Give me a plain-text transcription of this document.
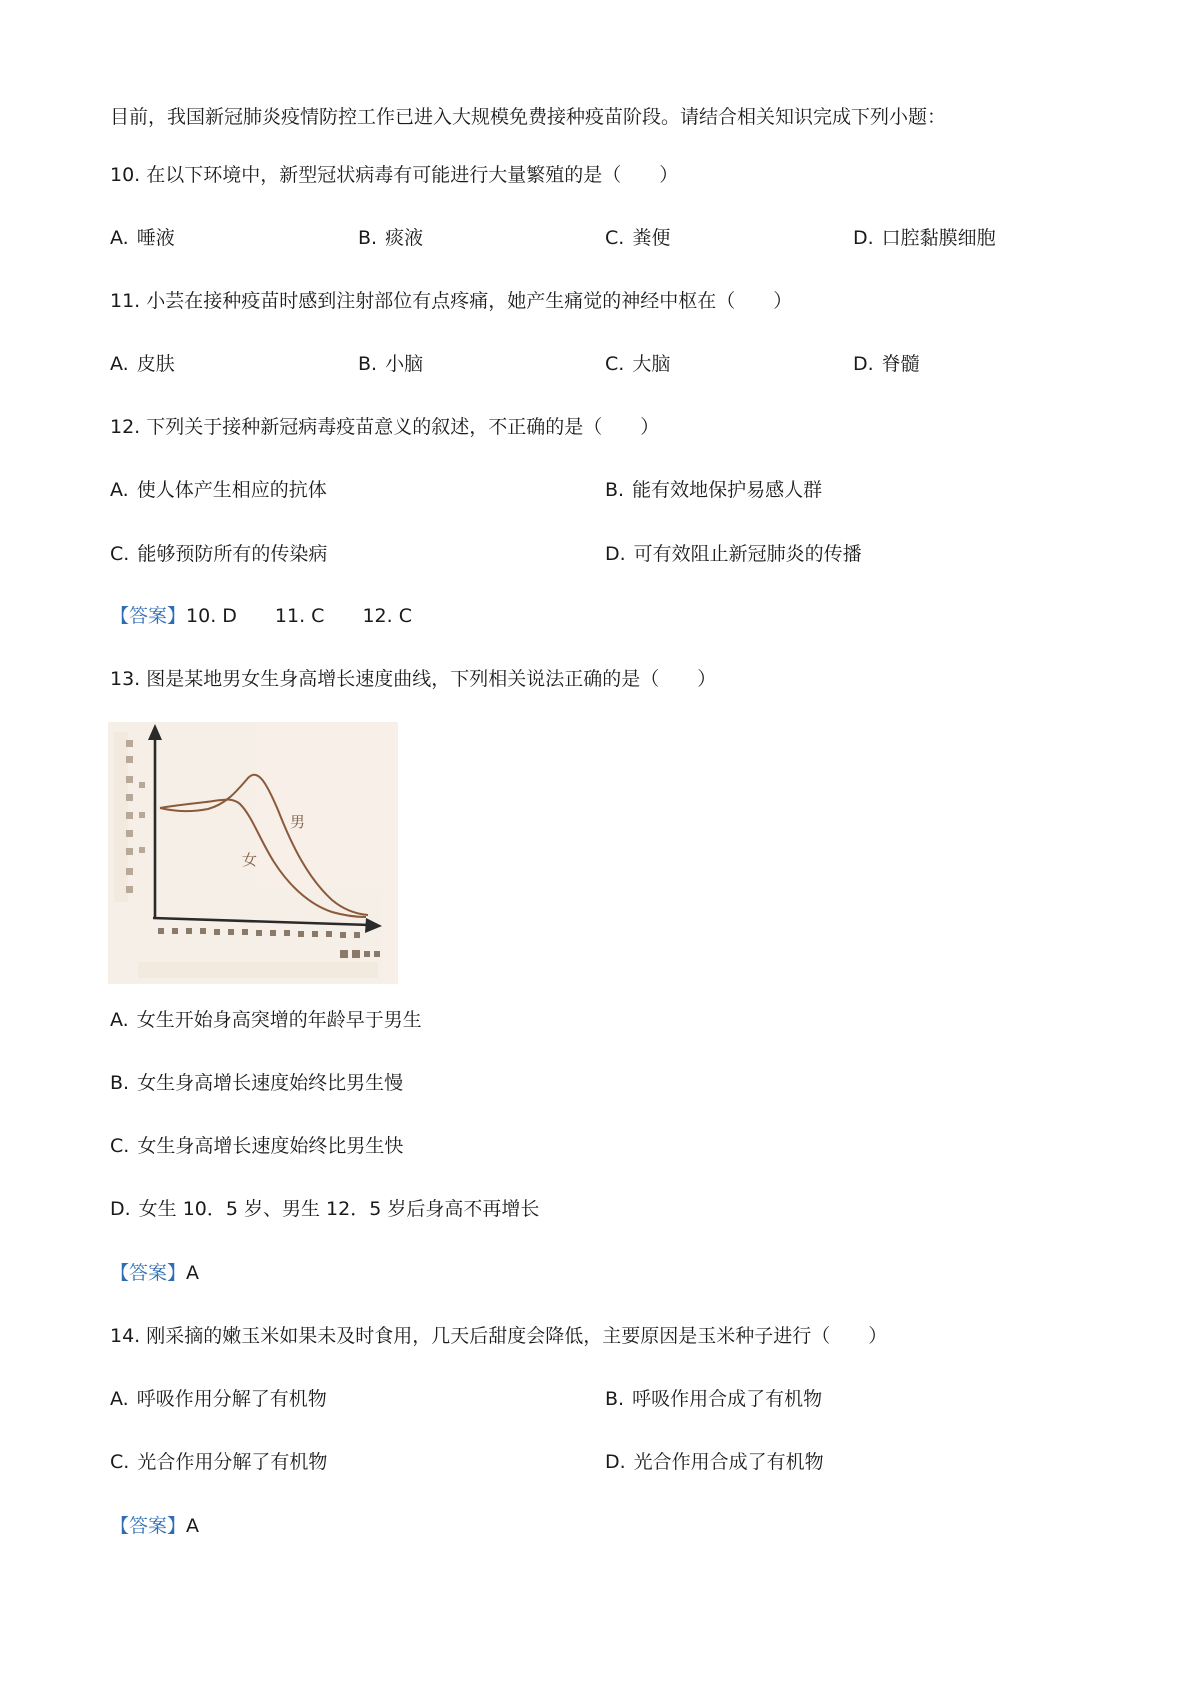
目前，我国新冠肺炎疫情防控工作已进入大规模免费接种疫苗阶段。请结合相关知识完成下列小题：
10. 在以下环境中，新型冠状病毒有可能进行大量繁殖的是（　　）
A. 唾液	B. 痰液	C. 粪便	D. 口腔黏膜细胞
11. 小芸在接种疫苗时感到注射部位有点疼痛，她产生痛觉的神经中枢在（　　）
A. 皮肤	B. 小脑	C. 大脑	D. 脊髓
12. 下列关于接种新冠病毒疫苗意义的叙述，不正确的是（　　）
A. 使人体产生相应的抗体	B. 能有效地保护易感人群
C. 能够预防所有的传染病	D. 可有效阻止新冠肺炎的传播
【答案】10. D 11. C 12. C
13. 图是某地男女生身高增长速度曲线，下列相关说法正确的是（　　）
男
女
A. 女生开始身高突增的年龄早于男生
B. 女生身高增长速度始终比男生慢
C. 女生身高增长速度始终比男生快
D. 女生 10．5 岁、男生 12．5 岁后身高不再增长
【答案】A
14. 刚采摘的嫩玉米如果未及时食用，几天后甜度会降低，主要原因是玉米种子进行（　　）
A. 呼吸作用分解了有机物	B. 呼吸作用合成了有机物
C. 光合作用分解了有机物	D. 光合作用合成了有机物
【答案】A
